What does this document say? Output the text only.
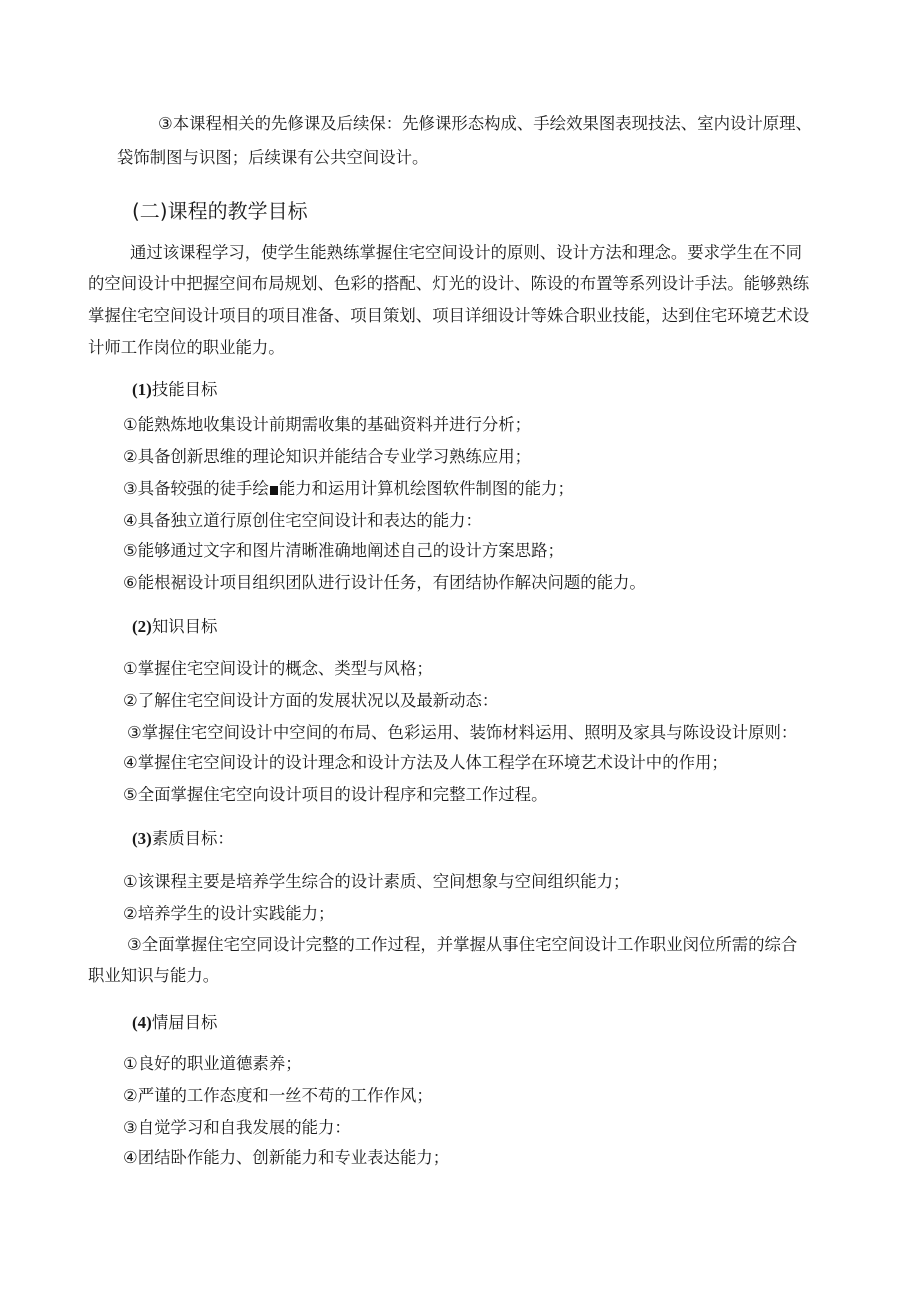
③本课程相关的先修课及后续保：先修课形态构成、手绘效果图表现技法、室内设计原理、
袋饰制图与识图；后续课有公共空间设计。
(二)课程的教学目标
通过该课程学习，使学生能熟练掌握住宅空间设计的原则、设计方法和理念。要求学生在不同
的空间设计中把握空间布局规划、色彩的搭配、灯光的设计、陈设的布置等系列设计手法。能够熟练
掌握住宅空间设计项目的项目准备、项目策划、项目详细设计等姝合职业技能，达到住宅环境艺术设
计师工作岗位的职业能力。
(1)技能目标
①能熟炼地收集设计前期需收集的基础资料并进行分析；
②具备创新思维的理论知识并能结合专业学习熟练应用；
③具备较强的徒手绘 能力和运用计算机绘图软件制图的能力；
④具备独立道行原创住宅空间设计和表达的能力：
⑤能够通过文字和图片清晰准确地阐述自己的设计方案思路；
⑥能根裾设计项目组织团队进行设计任务，有团结协作解决问题的能力。
(2)知识目标
①掌握住宅空间设计的概念、类型与风格；
②了解住宅空间设计方面的发展状况以及最新动态：
③掌握住宅空间设计中空间的布局、色彩运用、装饰材料运用、照明及家具与陈设设计原则：
④掌握住宅空间设计的设计理念和设计方法及人体工程学在环境艺术设计中的作用；
⑤全面掌握住宅空向设计项目的设计程序和完整工作过程。
(3)素质目标：
①该课程主要是培养学生综合的设计素质、空间想象与空间组织能力；
②培养学生的设计实践能力；
③全面掌握住宅空同设计完整的工作过程，并掌握从事住宅空间设计工作职业闵位所需的综合
职业知识与能力。
(4)情屇目标
①良好的职业道德素养；
②严谨的工作态度和一丝不苟的工作作风；
③自觉学习和自我发展的能力：
④团结卧作能力、创新能力和专业表达能力；
